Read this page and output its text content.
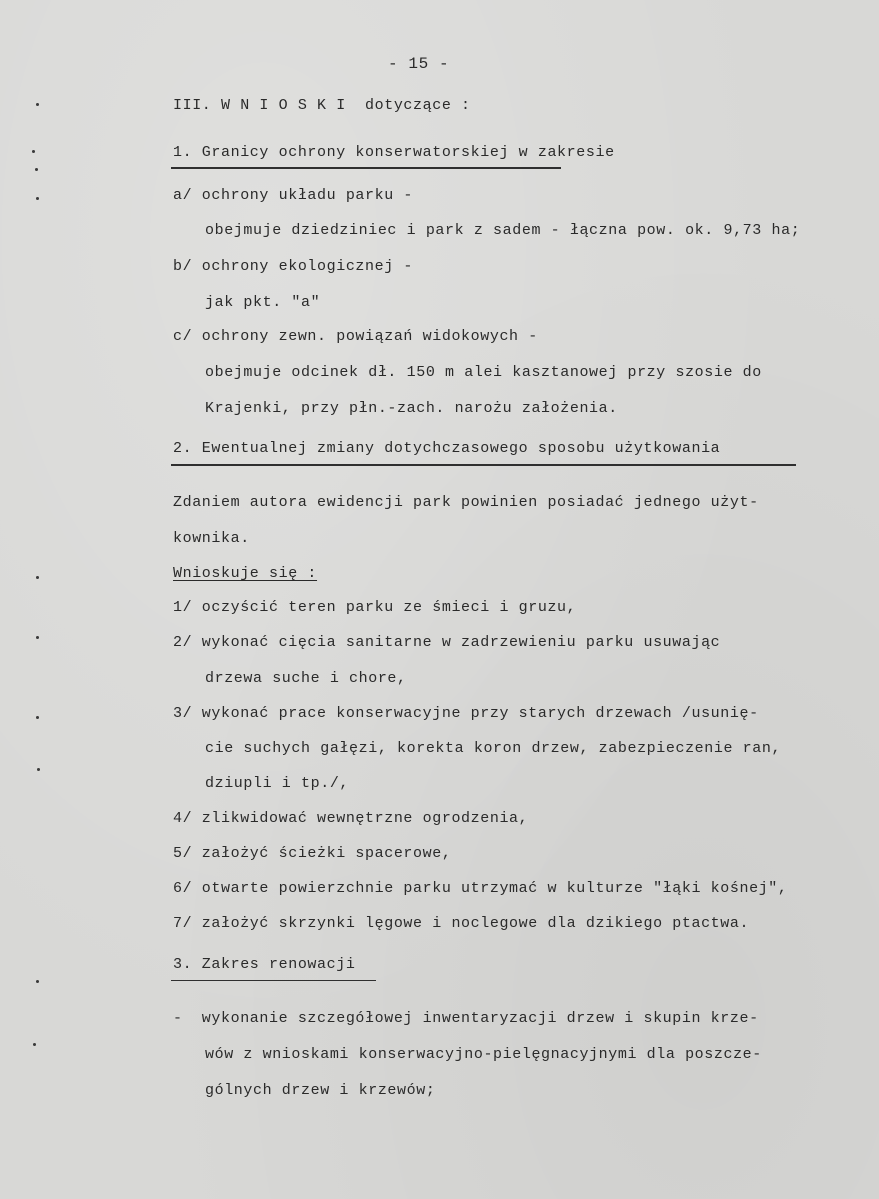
- 15 -
III. W N I O S K I  dotyczące :
1. Granicy ochrony konserwatorskiej w zakresie
a/ ochrony układu parku -
obejmuje dziedziniec i park z sadem - łączna pow. ok. 9,73 ha;
b/ ochrony ekologicznej -
jak pkt. "a"
c/ ochrony zewn. powiązań widokowych -
obejmuje odcinek dł. 150 m alei kasztanowej przy szosie do
Krajenki, przy płn.-zach. narożu założenia.
2. Ewentualnej zmiany dotychczasowego sposobu użytkowania
Zdaniem autora ewidencji park powinien posiadać jednego użyt-
kownika.
Wnioskuje się :
1/ oczyścić teren parku ze śmieci i gruzu,
2/ wykonać cięcia sanitarne w zadrzewieniu parku usuwając
drzewa suche i chore,
3/ wykonać prace konserwacyjne przy starych drzewach /usunię-
cie suchych gałęzi, korekta koron drzew, zabezpieczenie ran,
dziupli i tp./,
4/ zlikwidować wewnętrzne ogrodzenia,
5/ założyć ścieżki spacerowe,
6/ otwarte powierzchnie parku utrzymać w kulturze "łąki kośnej",
7/ założyć skrzynki lęgowe i noclegowe dla dzikiego ptactwa.
3. Zakres renowacji
-  wykonanie szczegółowej inwentaryzacji drzew i skupin krze-
wów z wnioskami konserwacyjno-pielęgnacyjnymi dla poszcze-
gólnych drzew i krzewów;
